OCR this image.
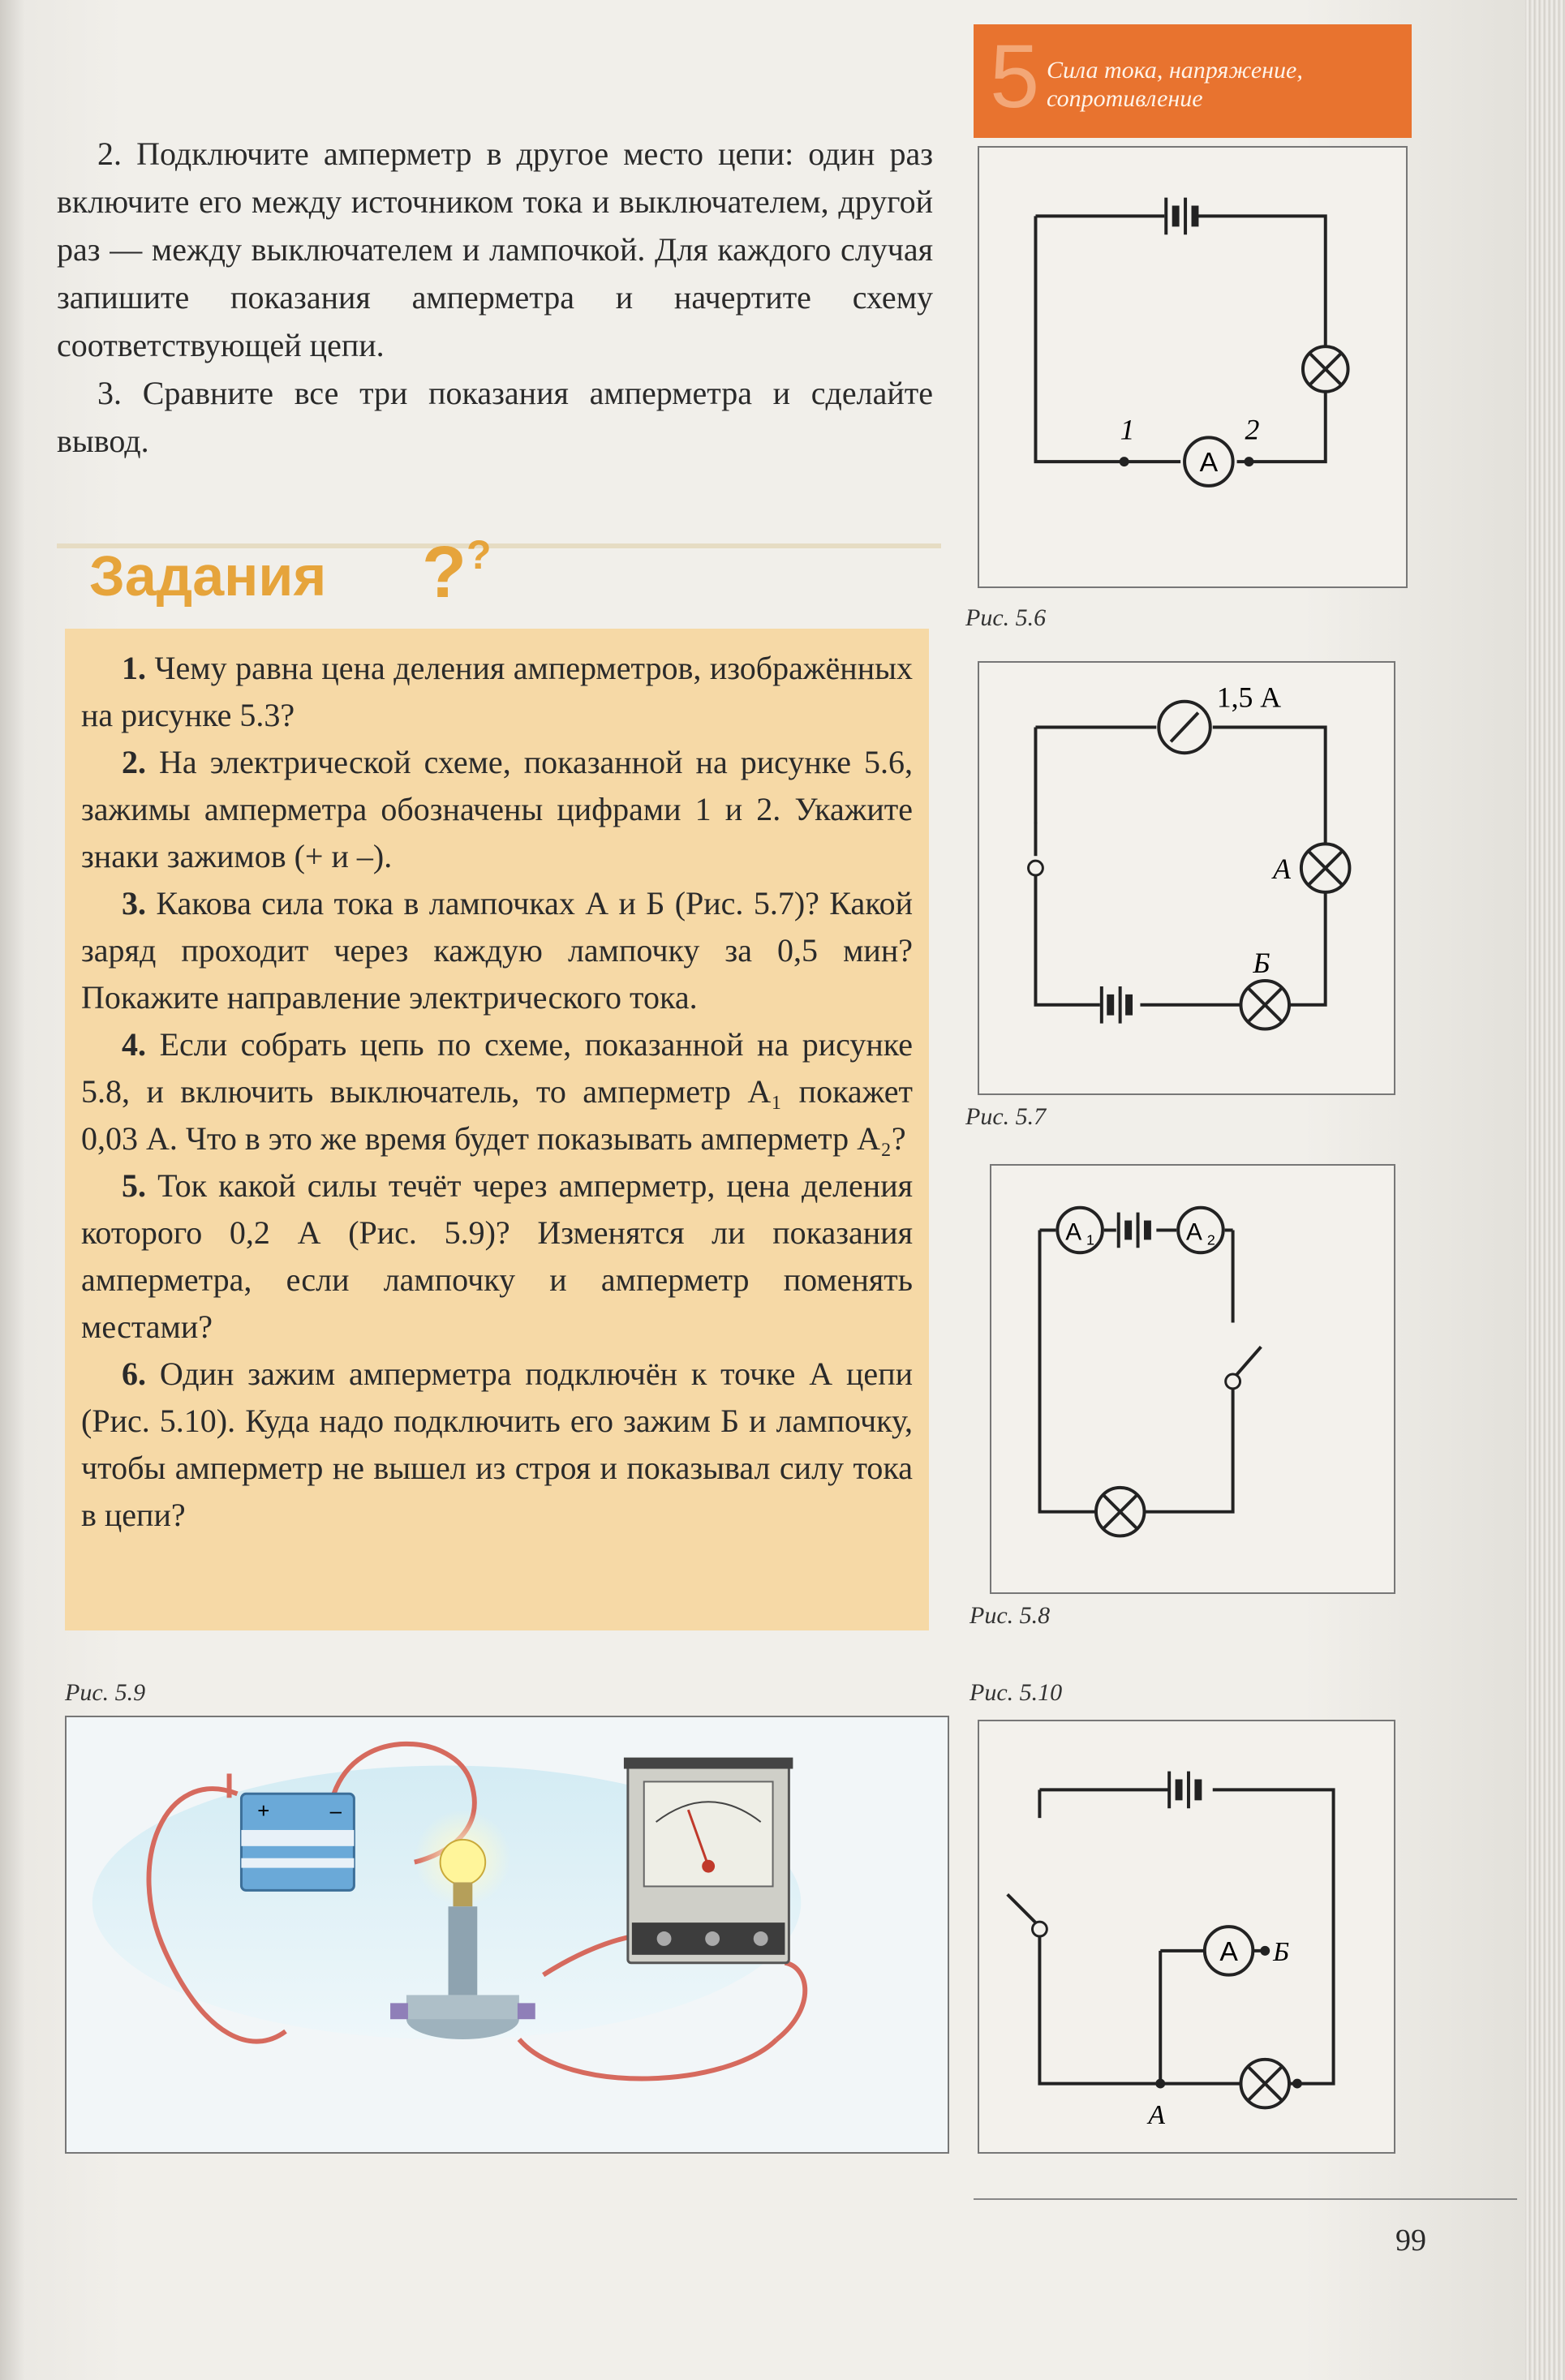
5 Сила тока, напряжение, сопротивление

2. Подключите амперметр в другое место цепи: один раз включите его между источником тока и выключателем, другой раз — между выключателем и лампочкой. Для каждого случая запишите показания амперметра и начертите схему соответствующей цепи.

3. Сравните все три показания амперметра и сделайте вывод.

Задания ??

1. Чему равна цена деления амперметров, изображённых на рисунке 5.3?

2. На электрической схеме, показанной на рисунке 5.6, зажимы амперметра обозначены цифрами 1 и 2. Укажите знаки зажимов (+ и –).

3. Какова сила тока в лампочках А и Б (Рис. 5.7)? Какой заряд проходит через каждую лампочку за 0,5 мин? Покажите направление электрического тока.

4. Если собрать цепь по схеме, показанной на рисунке 5.8, и включить выключатель, то амперметр A₁ покажет 0,03 А. Что в это же время будет показывать амперметр A₂?

5. Ток какой силы течёт через амперметр, цена деления которого 0,2 А (Рис. 5.9)? Изменятся ли показания амперметра, если лампочку и амперметр поменять местами?

6. Один зажим амперметра подключён к точке А цепи (Рис. 5.10). Куда надо подключить его зажим Б и лампочку, чтобы амперметр не вышел из строя и показывал силу тока в цепи?

A
1	2
Рис. 5.6
1,5 А
А
Б
Рис. 5.7
A 1	A 2
Рис. 5.8
Рис. 5.9
+	–
Рис. 5.10
A Б
А
99
